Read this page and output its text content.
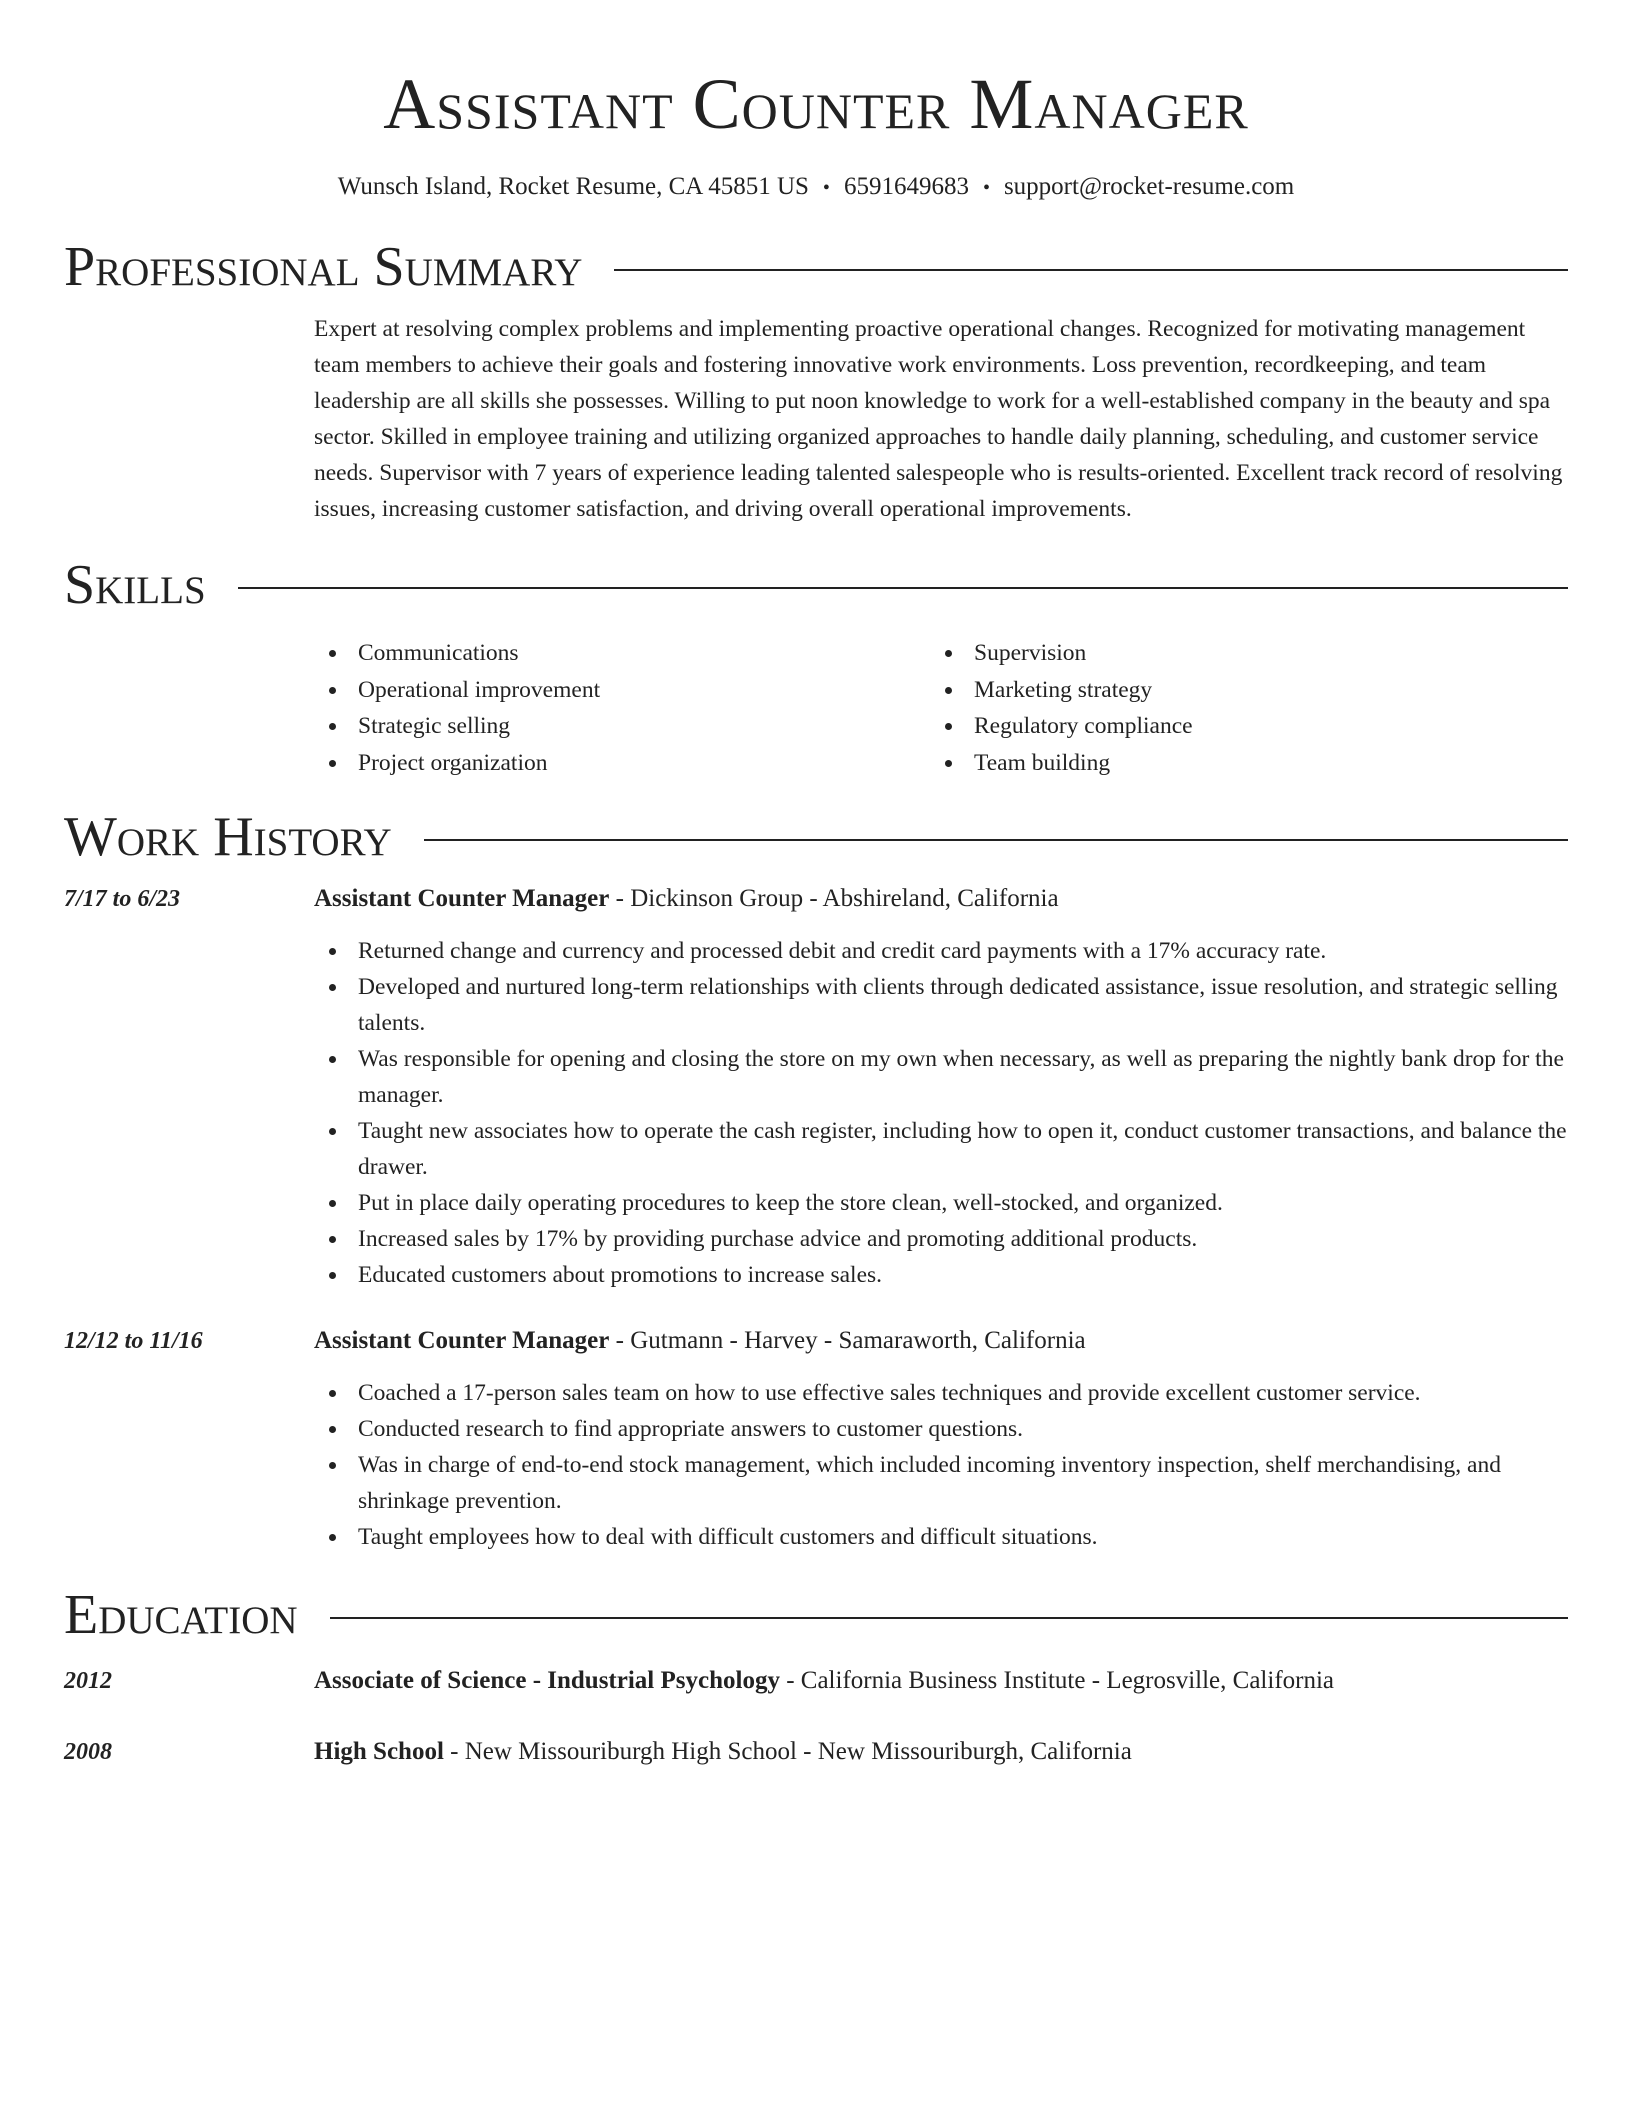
Assistant Counter Manager
Wunsch Island, Rocket Resume, CA 45851 US • 6591649683 • support@rocket-resume.com
Professional Summary

Expert at resolving complex problems and implementing proactive operational changes. Recognized for motivating management team members to achieve their goals and fostering innovative work environments. Loss prevention, recordkeeping, and team leadership are all skills she possesses. Willing to put noon knowledge to work for a well-established company in the beauty and spa sector. Skilled in employee training and utilizing organized approaches to handle daily planning, scheduling, and customer service needs. Supervisor with 7 years of experience leading talented salespeople who is results-oriented. Excellent track record of resolving issues, increasing customer satisfaction, and driving overall operational improvements.

Skills
Communications
Operational improvement
Strategic selling
Project organization
Supervision
Marketing strategy
Regulatory compliance
Team building
Work History
7/17 to 6/23	Assistant Counter Manager - Dickinson Group - Abshireland, California
Returned change and currency and processed debit and credit card payments with a 17% accuracy rate.
Developed and nurtured long-term relationships with clients through dedicated assistance, issue resolution, and strategic selling talents.
Was responsible for opening and closing the store on my own when necessary, as well as preparing the nightly bank drop for the manager.
Taught new associates how to operate the cash register, including how to open it, conduct customer transactions, and balance the drawer.
Put in place daily operating procedures to keep the store clean, well-stocked, and organized.
Increased sales by 17% by providing purchase advice and promoting additional products.
Educated customers about promotions to increase sales.
12/12 to 11/16	Assistant Counter Manager - Gutmann - Harvey - Samaraworth, California
Coached a 17-person sales team on how to use effective sales techniques and provide excellent customer service.
Conducted research to find appropriate answers to customer questions.
Was in charge of end-to-end stock management, which included incoming inventory inspection, shelf merchandising, and shrinkage prevention.
Taught employees how to deal with difficult customers and difficult situations.
Education
2012	Associate of Science - Industrial Psychology - California Business Institute - Legrosville, California
2008	High School - New Missouriburgh High School - New Missouriburgh, California
